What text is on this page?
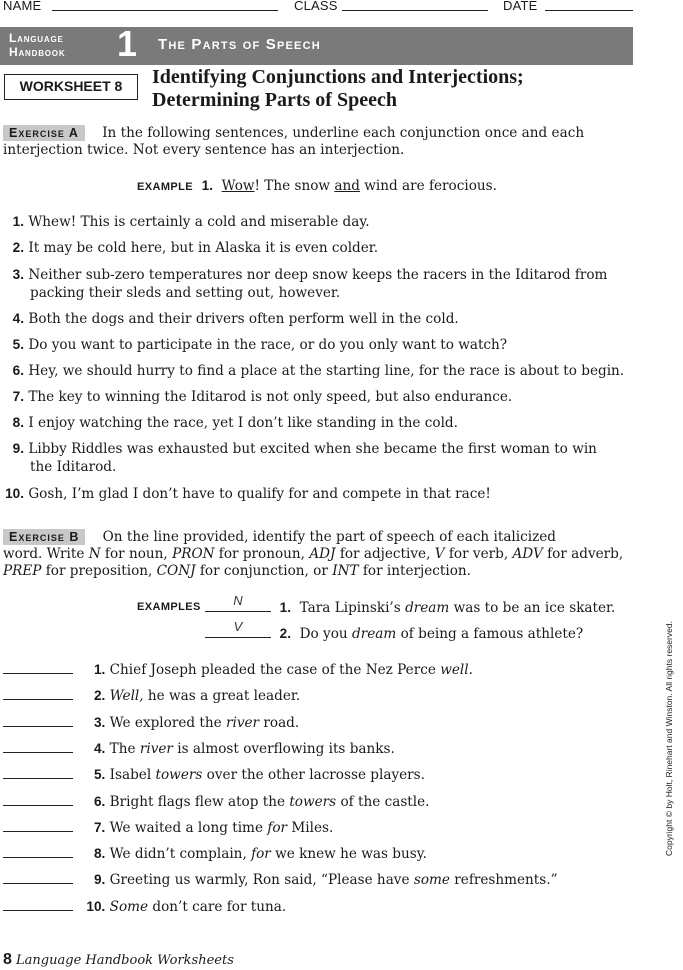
NAME	CLASS	DATE
Language
Handbook 1 The Parts of Speech
WORKSHEET 8	Identifying Conjunctions and Interjections;
Determining Parts of Speech
Exercise A In the following sentences, underline each conjunction once and each
interjection twice. Not every sentence has an interjection.
EXAMPLE 1. Wow! The snow and wind are ferocious.
1. Whew! This is certainly a cold and miserable day.
2. It may be cold here, but in Alaska it is even colder.
3. Neither sub-zero temperatures nor deep snow keeps the racers in the Iditarod from
packing their sleds and setting out, however.
4. Both the dogs and their drivers often perform well in the cold.
5. Do you want to participate in the race, or do you only want to watch?
6. Hey, we should hurry to find a place at the starting line, for the race is about to begin.
7. The key to winning the Iditarod is not only speed, but also endurance.
8. I enjoy watching the race, yet I don’t like standing in the cold.
9. Libby Riddles was exhausted but excited when she became the first woman to win
the Iditarod.
10. Gosh, I’m glad I don’t have to qualify for and compete in that race!
Exercise B On the line provided, identify the part of speech of each italicized
word. Write N for noun, PRON for pronoun, ADJ for adjective, V for verb, ADV for adverb,
PREP for preposition, CONJ for conjunction, or INT for interjection.
EXAMPLES	N	1. Tara Lipinski’s dream was to be an ice skater.
V	2. Do you dream of being a famous athlete?
1. Chief Joseph pleaded the case of the Nez Perce well.
2. Well, he was a great leader.
3. We explored the river road.
4. The river is almost overflowing its banks.
5. Isabel towers over the other lacrosse players.
6. Bright flags flew atop the towers of the castle.
7. We waited a long time for Miles.
8. We didn’t complain, for we knew he was busy.
9. Greeting us warmly, Ron said, “Please have some refreshments.”
10. Some don’t care for tuna.
Copyright © by Holt, Rinehart and Winston. All rights reserved.
8 Language Handbook Worksheets
